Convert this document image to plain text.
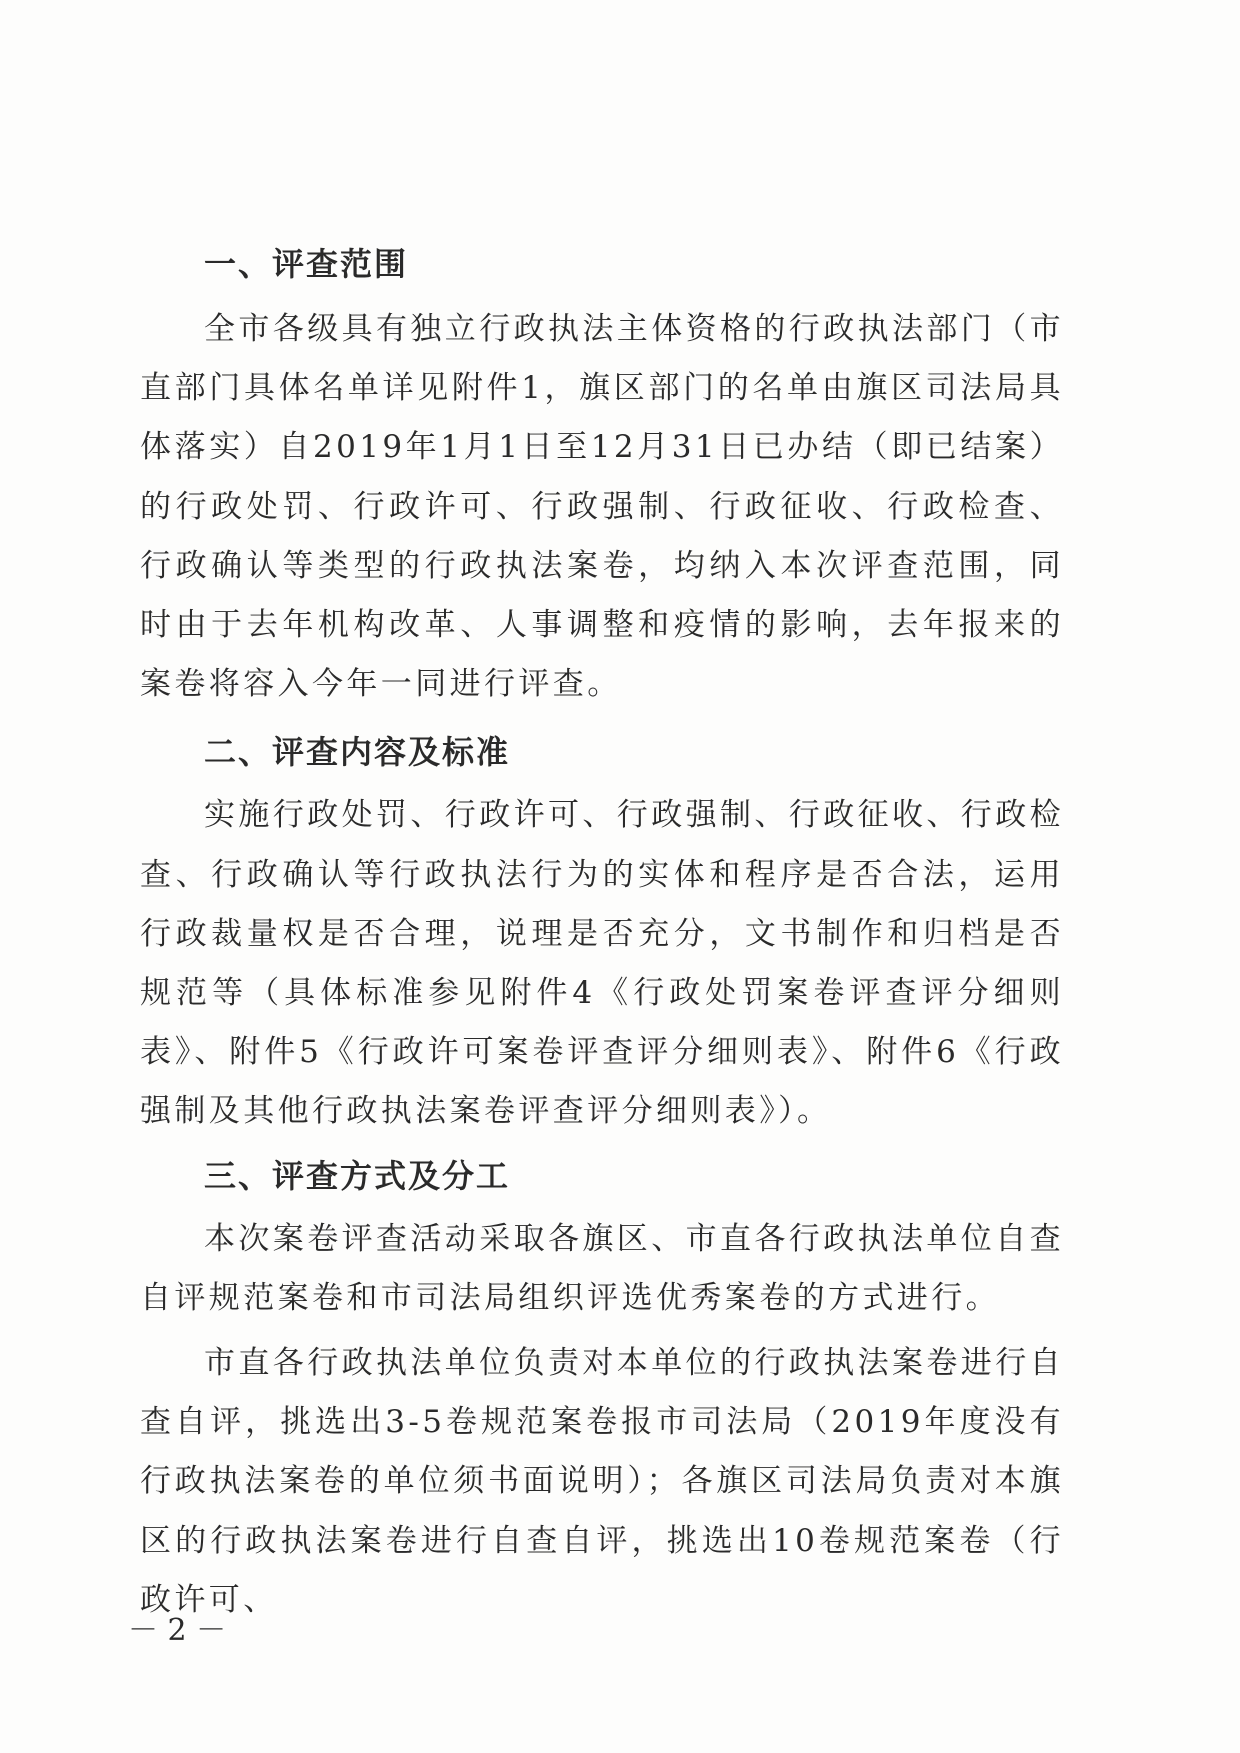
一、评查范围

全市各级具有独立行政执法主体资格的行政执法部门（市直部门具体名单详见附件1，旗区部门的名单由旗区司法局具体落实）自2019年1月1日至12月31日已办结（即已结案）的行政处罚、行政许可、行政强制、行政征收、行政检查、行政确认等类型的行政执法案卷，均纳入本次评查范围，同时由于去年机构改革、人事调整和疫情的影响，去年报来的案卷将容入今年一同进行评查。

二、评查内容及标准

实施行政处罚、行政许可、行政强制、行政征收、行政检查、行政确认等行政执法行为的实体和程序是否合法，运用行政裁量权是否合理，说理是否充分，文书制作和归档是否规范等（具体标准参见附件4《行政处罚案卷评查评分细则表》、附件5《行政许可案卷评查评分细则表》、附件6《行政强制及其他行政执法案卷评查评分细则表》）。

三、评查方式及分工

本次案卷评查活动采取各旗区、市直各行政执法单位自查自评规范案卷和市司法局组织评选优秀案卷的方式进行。

市直各行政执法单位负责对本单位的行政执法案卷进行自查自评，挑选出3-5卷规范案卷报市司法局（2019年度没有行政执法案卷的单位须书面说明）；各旗区司法局负责对本旗区的行政执法案卷进行自查自评，挑选出10卷规范案卷（行政许可、

－ 2 －
